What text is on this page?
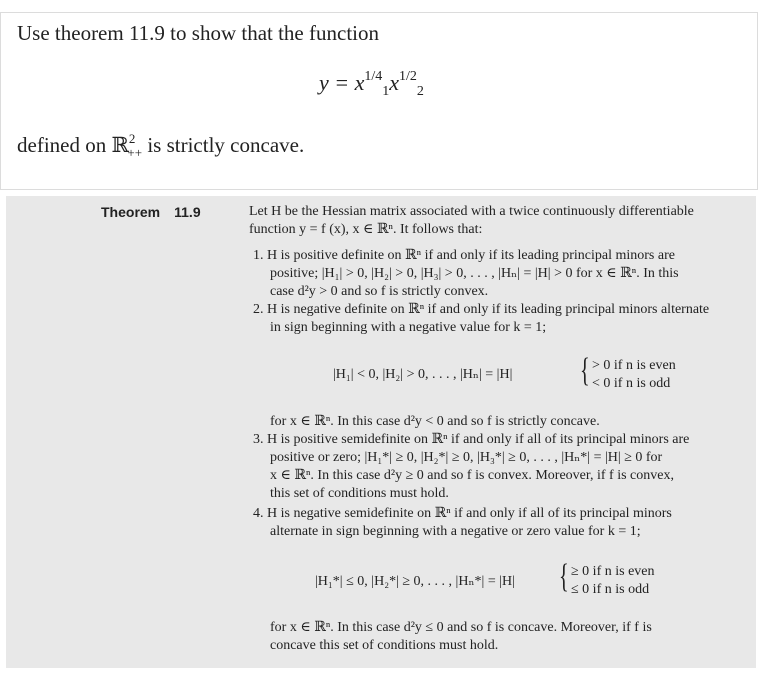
Use theorem 11.9 to show that the function
$y = x^{1/4}_1x^{1/2}_2$
defined on ℝ$^2_{++}$ is strictly concave.
Theorem 11.9	Let H be the Hessian matrix associated with a twice continuously differentiable
function y = f (x), x ∈ ℝⁿ. It follows that:
1. H is positive definite on ℝⁿ if and only if its leading principal minors are
positive; |H₁| > 0, |H₂| > 0, |H₃| > 0, . . . , |Hₙ| = |H| > 0 for x ∈ ℝⁿ. In this
case d²y > 0 and so f is strictly convex.
2. H is negative definite on ℝⁿ if and only if its leading principal minors alternate
in sign beginning with a negative value for k = 1;
|H₁| < 0, |H₂| > 0, . . . , |Hₙ| = |H| { > 0 if n is even
< 0 if n is odd
for x ∈ ℝⁿ. In this case d²y < 0 and so f is strictly concave.
3. H is positive semidefinite on ℝⁿ if and only if all of its principal minors are
positive or zero; |H₁*| ≥ 0, |H₂*| ≥ 0, |H₃*| ≥ 0, . . . , |Hₙ*| = |H| ≥ 0 for
x ∈ ℝⁿ. In this case d²y ≥ 0 and so f is convex. Moreover, if f is convex,
this set of conditions must hold.
4. H is negative semidefinite on ℝⁿ if and only if all of its principal minors
alternate in sign beginning with a negative or zero value for k = 1;
|H₁*| ≤ 0, |H₂*| ≥ 0, . . . , |Hₙ*| = |H| { ≥ 0 if n is even
≤ 0 if n is odd
for x ∈ ℝⁿ. In this case d²y ≤ 0 and so f is concave. Moreover, if f is
concave this set of conditions must hold.
